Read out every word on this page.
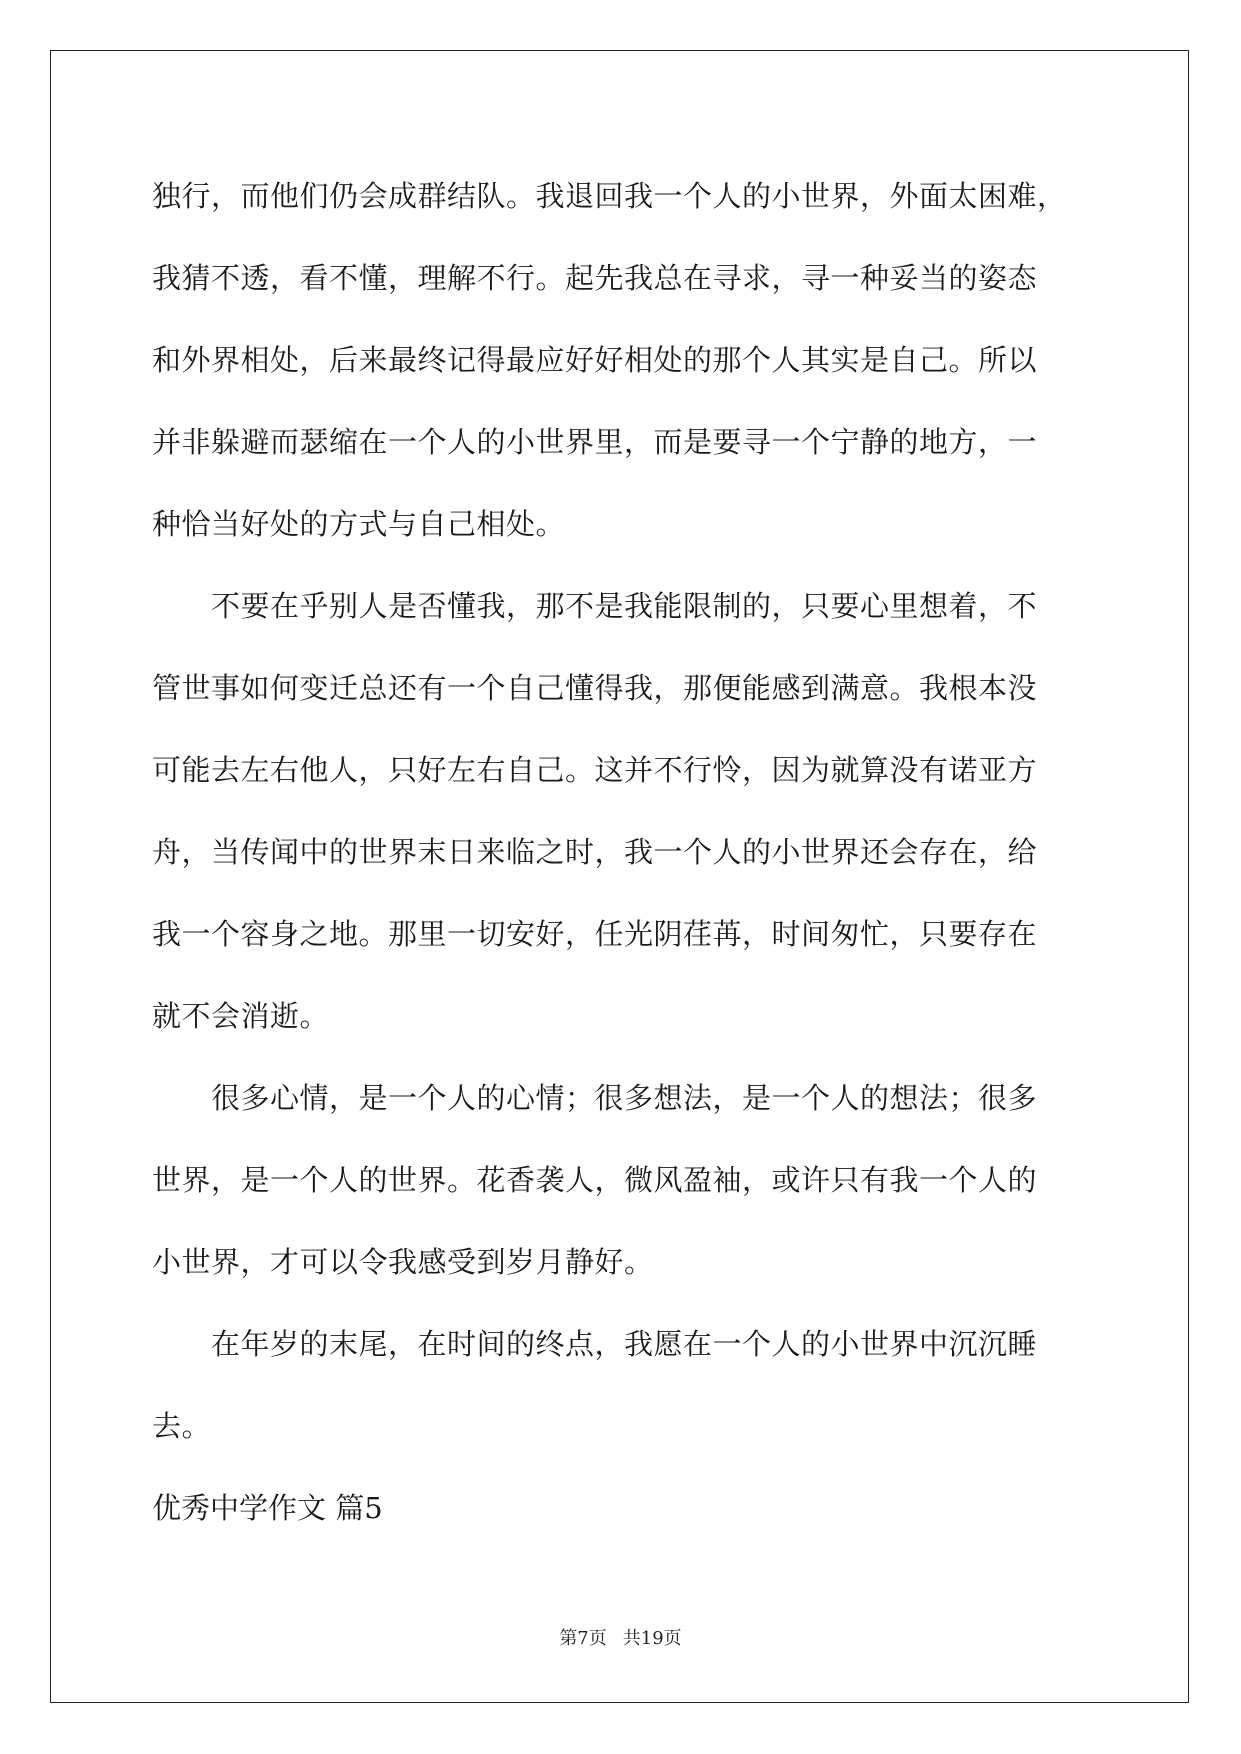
独行，而他们仍会成群结队。我退回我一个人的小世界，外面太困难，
我猜不透，看不懂，理解不行。起先我总在寻求，寻一种妥当的姿态
和外界相处，后来最终记得最应好好相处的那个人其实是自己。所以
并非躲避而瑟缩在一个人的小世界里，而是要寻一个宁静的地方，一
种恰当好处的方式与自己相处。
　　不要在乎别人是否懂我，那不是我能限制的，只要心里想着，不
管世事如何变迁总还有一个自己懂得我，那便能感到满意。我根本没
可能去左右他人，只好左右自己。这并不行怜，因为就算没有诺亚方
舟，当传闻中的世界末日来临之时，我一个人的小世界还会存在，给
我一个容身之地。那里一切安好，任光阴荏苒，时间匆忙，只要存在
就不会消逝。
　　很多心情，是一个人的心情；很多想法，是一个人的想法；很多
世界，是一个人的世界。花香袭人，微风盈袖，或许只有我一个人的
小世界，才可以令我感受到岁月静好。
　　在年岁的末尾，在时间的终点，我愿在一个人的小世界中沉沉睡
去。
优秀中学作文 篇5
第7页 共19页
